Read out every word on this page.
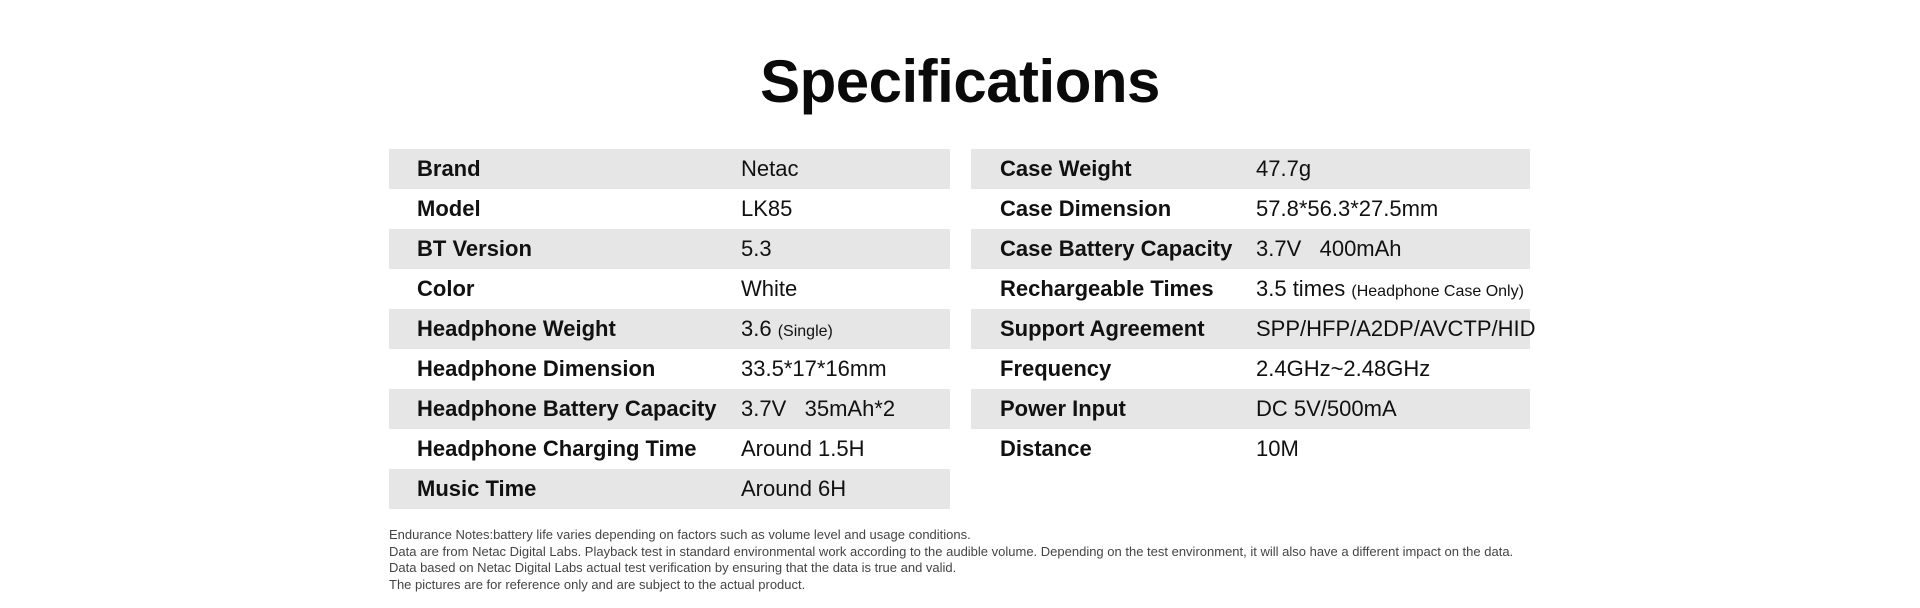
Specifications
Brand	Netac
Model	LK85
BT Version	5.3
Color	White
Headphone Weight	3.6 (Single)
Headphone Dimension	33.5*17*16mm
Headphone Battery Capacity	3.7V   35mAh*2
Headphone Charging Time	Around 1.5H
Music Time	Around 6H
Case Weight	47.7g
Case Dimension	57.8*56.3*27.5mm
Case Battery Capacity	3.7V   400mAh
Rechargeable Times	3.5 times (Headphone Case Only)
Support Agreement	SPP/HFP/A2DP/AVCTP/HID
Frequency	2.4GHz~2.48GHz
Power Input	DC 5V/500mA
Distance	10M

Endurance Notes:battery life varies depending on factors such as volume level and usage conditions.

Data are from Netac Digital Labs. Playback test in standard environmental work according to the audible volume. Depending on the test environment, it will also have a different impact on the data. Data based on Netac Digital Labs actual test verification by ensuring that the data is true and valid.

The pictures are for reference only and are subject to the actual product.
